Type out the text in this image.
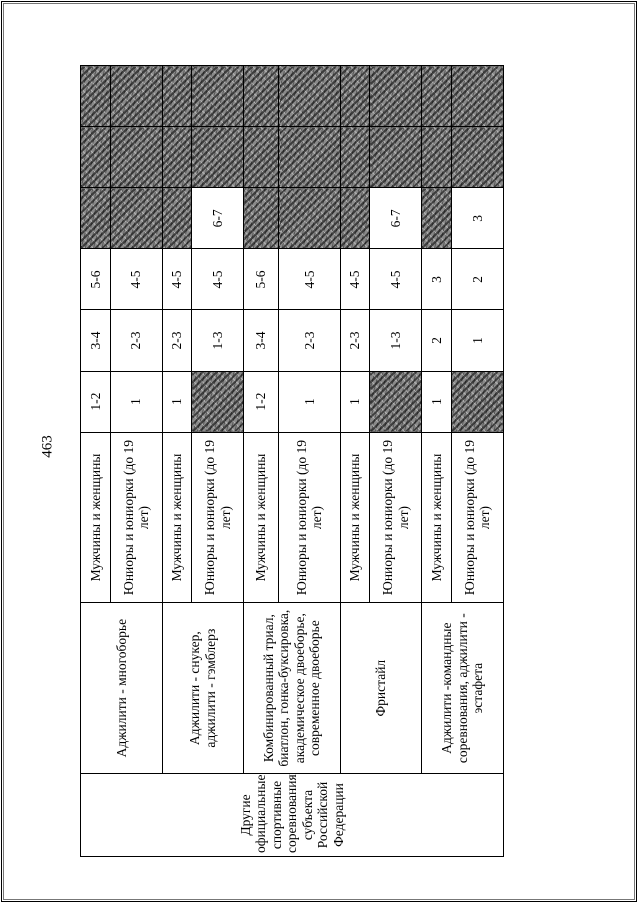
463
Другие официальные спортивные соревнования субъекта Российской Федерации	Аджилити - многоборье	Мужчины и женщины	1-2	3-4	5-6			
		Юниоры и юниорки (до 19 лет)	1	2-3	4-5			
	Аджилити - снукер, аджилити - гэмблерз	Мужчины и женщины	1	2-3	4-5			
		Юниоры и юниорки (до 19 лет)		1-3	4-5	6-7		
	Комбинированный триал, биатлон, гонка-буксировка, академическое двоеборье, современное двоеборье	Мужчины и женщины	1-2	3-4	5-6			
		Юниоры и юниорки (до 19 лет)	1	2-3	4-5			
	Фристайл	Мужчины и женщины	1	2-3	4-5			
		Юниоры и юниорки (до 19 лет)		1-3	4-5	6-7		
	Аджилити -командные соревнования, аджилити - эстафета	Мужчины и женщины	1	2	3			
		Юниоры и юниорки (до 19 лет)		1	2	3		
